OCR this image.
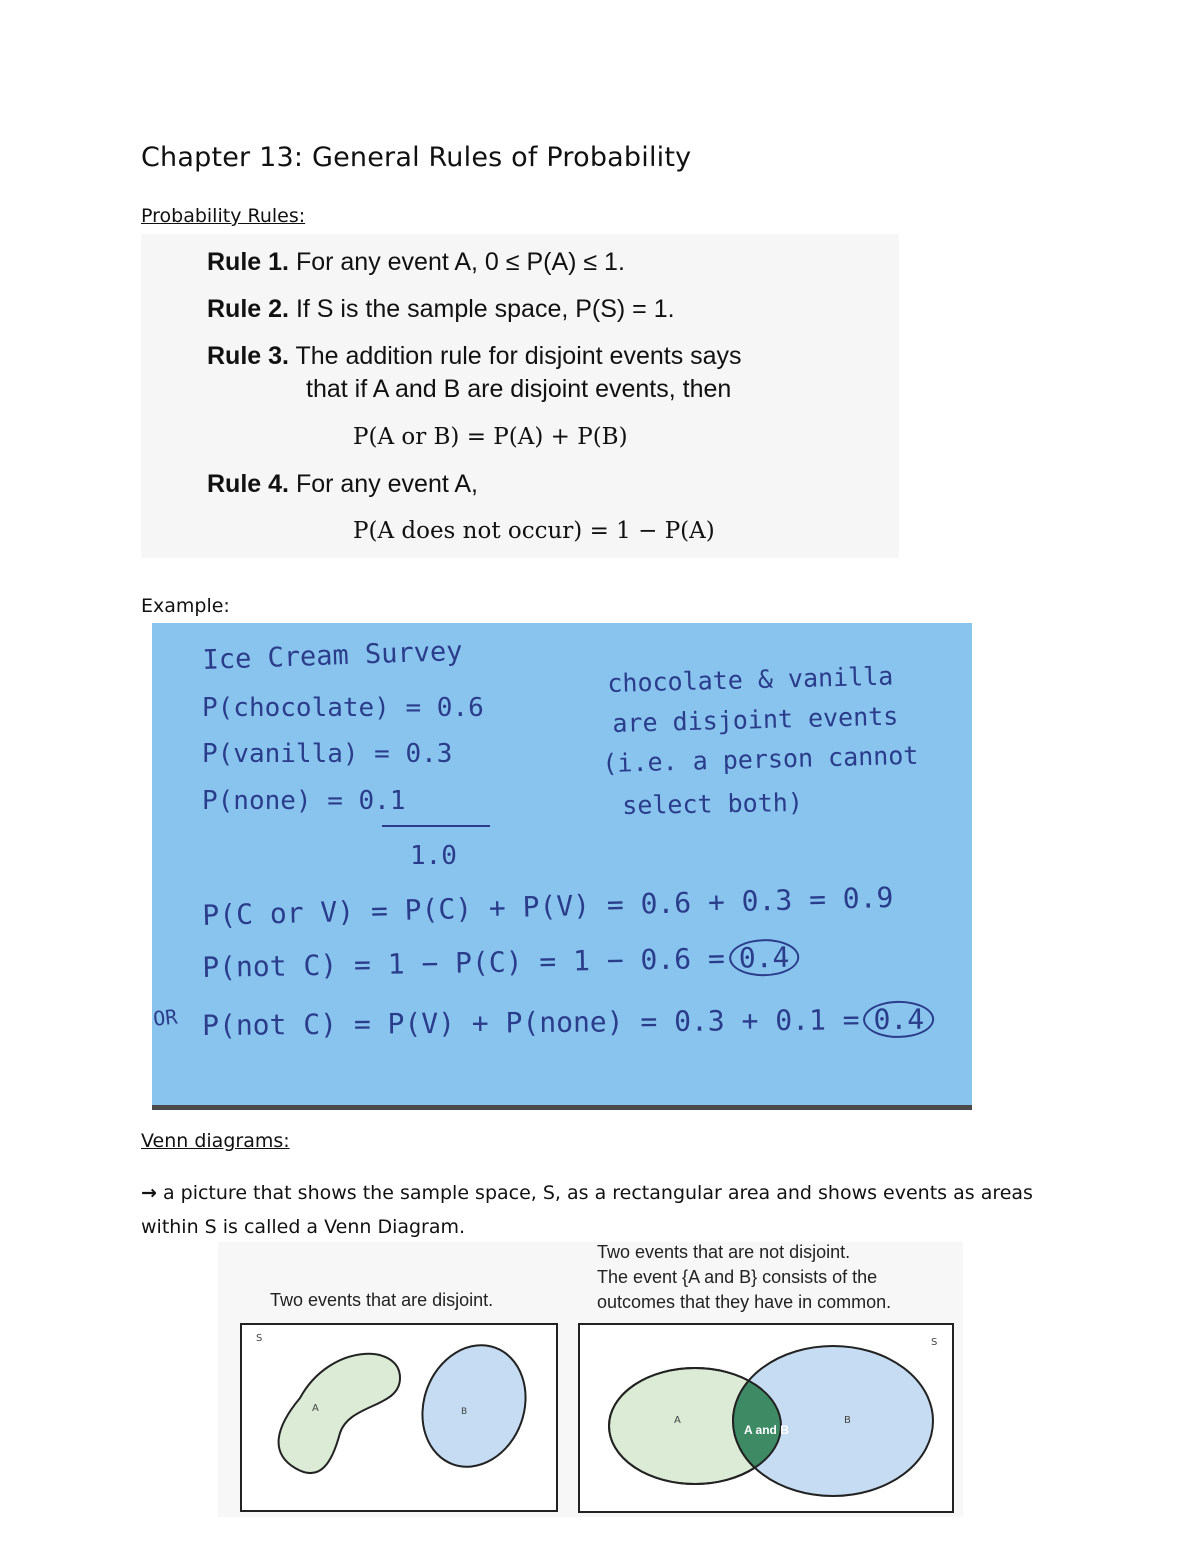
Chapter 13: General Rules of Probability
Probability Rules:
Rule 1. For any event A, 0 ≤ P(A) ≤ 1.
Rule 2. If S is the sample space, P(S) = 1.
Rule 3. The addition rule for disjoint events says
that if A and B are disjoint events, then
P(A or B) = P(A) + P(B)
Rule 4. For any event A,
P(A does not occur) = 1 − P(A)
Example:
Ice Cream Survey
P(chocolate) = 0.6
P(vanilla) = 0.3
P(none) = 0.1
1.0
chocolate & vanilla
are disjoint events
(i.e. a person cannot
select both)
P(C or V) = P(C) + P(V) = 0.6 + 0.3 = 0.9
P(not C) = 1 − P(C) = 1 − 0.6 = 0.4
OR P(not C) = P(V) + P(none) = 0.3 + 0.1 = 0.4
Venn diagrams:
→ a picture that shows the sample space, S, as a rectangular area and shows events as areas within S is called a Venn Diagram.
Two events that are disjoint.
S
A	B
Two events that are not disjoint.
The event {A and B} consists of the
outcomes that they have in common.
S
A	B
A and B
